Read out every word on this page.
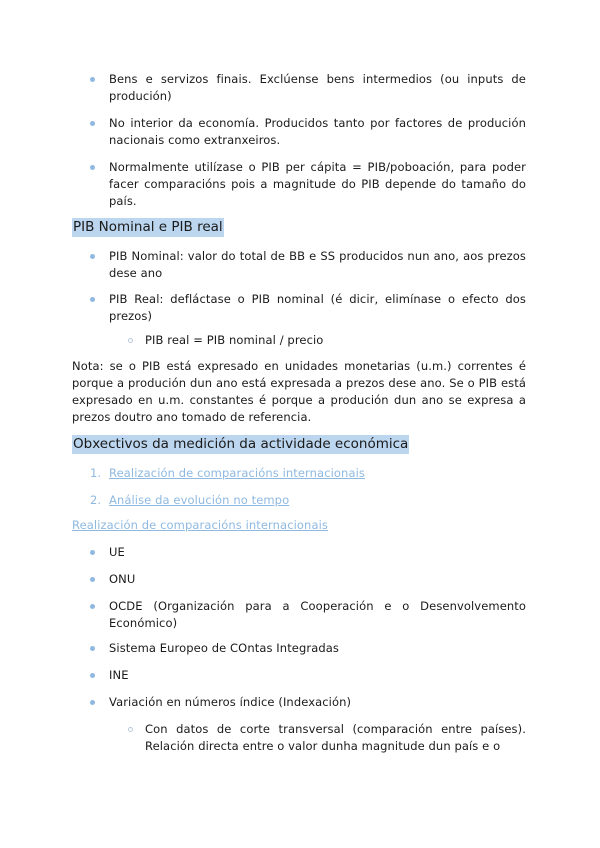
Bens e servizos finais. Exclúense bens intermedios (ou inputs de produción)

No interior da economía. Producidos tanto por factores de produción nacionais como extranxeiros.

Normalmente utilízase o PIB per cápita = PIB/poboación, para poder facer comparacións pois a magnitude do PIB depende do tamaño do país.

PIB Nominal e PIB real

PIB Nominal: valor do total de BB e SS producidos nun ano, aos prezos dese ano

PIB Real: defláctase o PIB nominal (é dicir, elimínase o efecto dos prezos)

PIB real = PIB nominal / precio

Nota: se o PIB está expresado en unidades monetarias (u.m.) correntes é porque a produción dun ano está expresada a prezos dese ano. Se o PIB está expresado en u.m. constantes é porque a produción dun ano se expresa a prezos doutro ano tomado de referencia.

Obxectivos da medición da actividade económica
1. Realización de comparacións internacionais
2. Análise da evolución no tempo
Realización de comparacións internacionais

UE

ONU

OCDE (Organización para a Cooperación e o Desenvolvemento Económico)

Sistema Europeo de COntas Integradas

INE

Variación en números índice (Indexación)

Con datos de corte transversal (comparación entre países). Relación directa entre o valor dunha magnitude dun país e o
